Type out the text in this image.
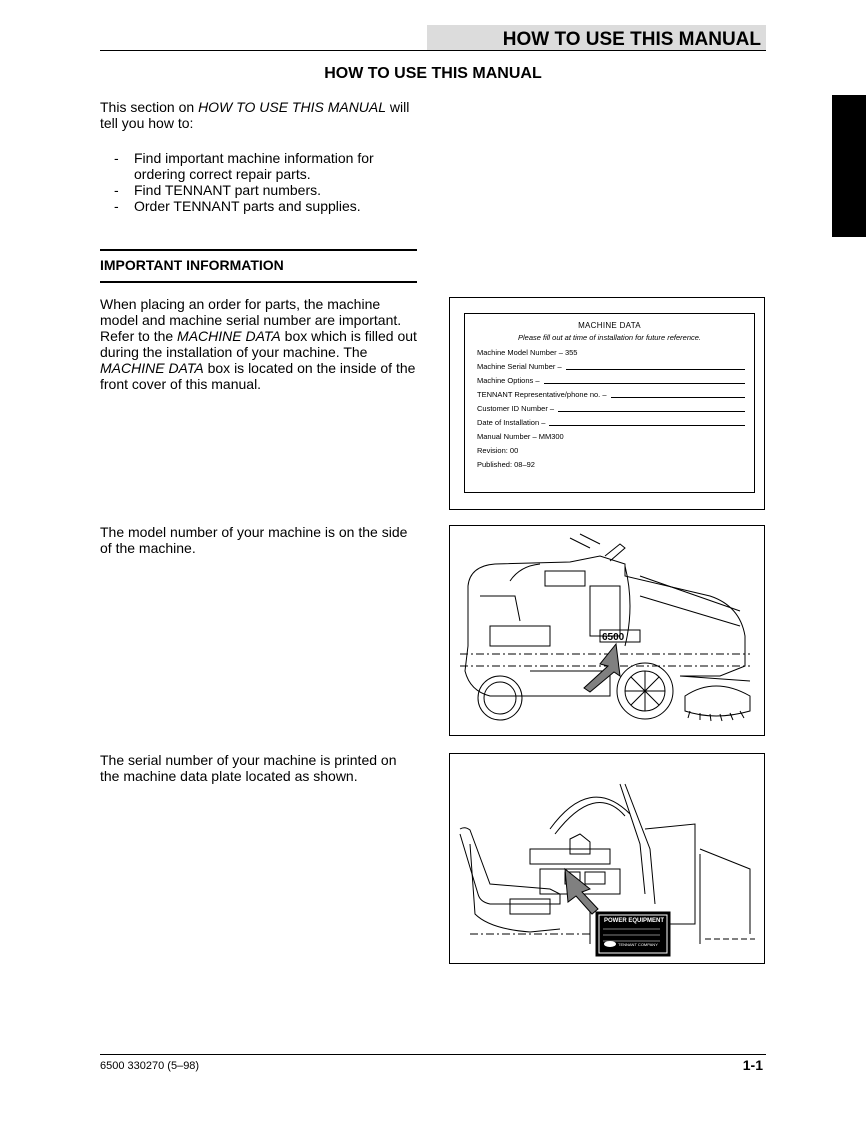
HOW TO USE THIS MANUAL
HOW TO USE THIS MANUAL
This section on HOW TO USE THIS MANUAL will tell you how to:
- Find important machine information for ordering correct repair parts.
- Find TENNANT part numbers.
- Order TENNANT parts and supplies.
IMPORTANT INFORMATION
When placing an order for parts, the machine model and machine serial number are important. Refer to the MACHINE DATA box which is filled out during the installation of your machine. The MACHINE DATA box is located on the inside of the front cover of this manual.
The model number of your machine is on the side of the machine.
The serial number of your machine is printed on the machine data plate located as shown.
MACHINE DATA
Please fill out at time of installation for future reference.
Machine Model Number – 355
Machine Serial Number –
Machine Options –
TENNANT Representative/phone no. –
Customer ID Number –
Date of Installation –
Manual Number – MM300
Revision: 00
Published: 08–92
6500
POWER EQUIPMENT
TENNANT COMPANY
6500 330270 (5–98)	1-1
